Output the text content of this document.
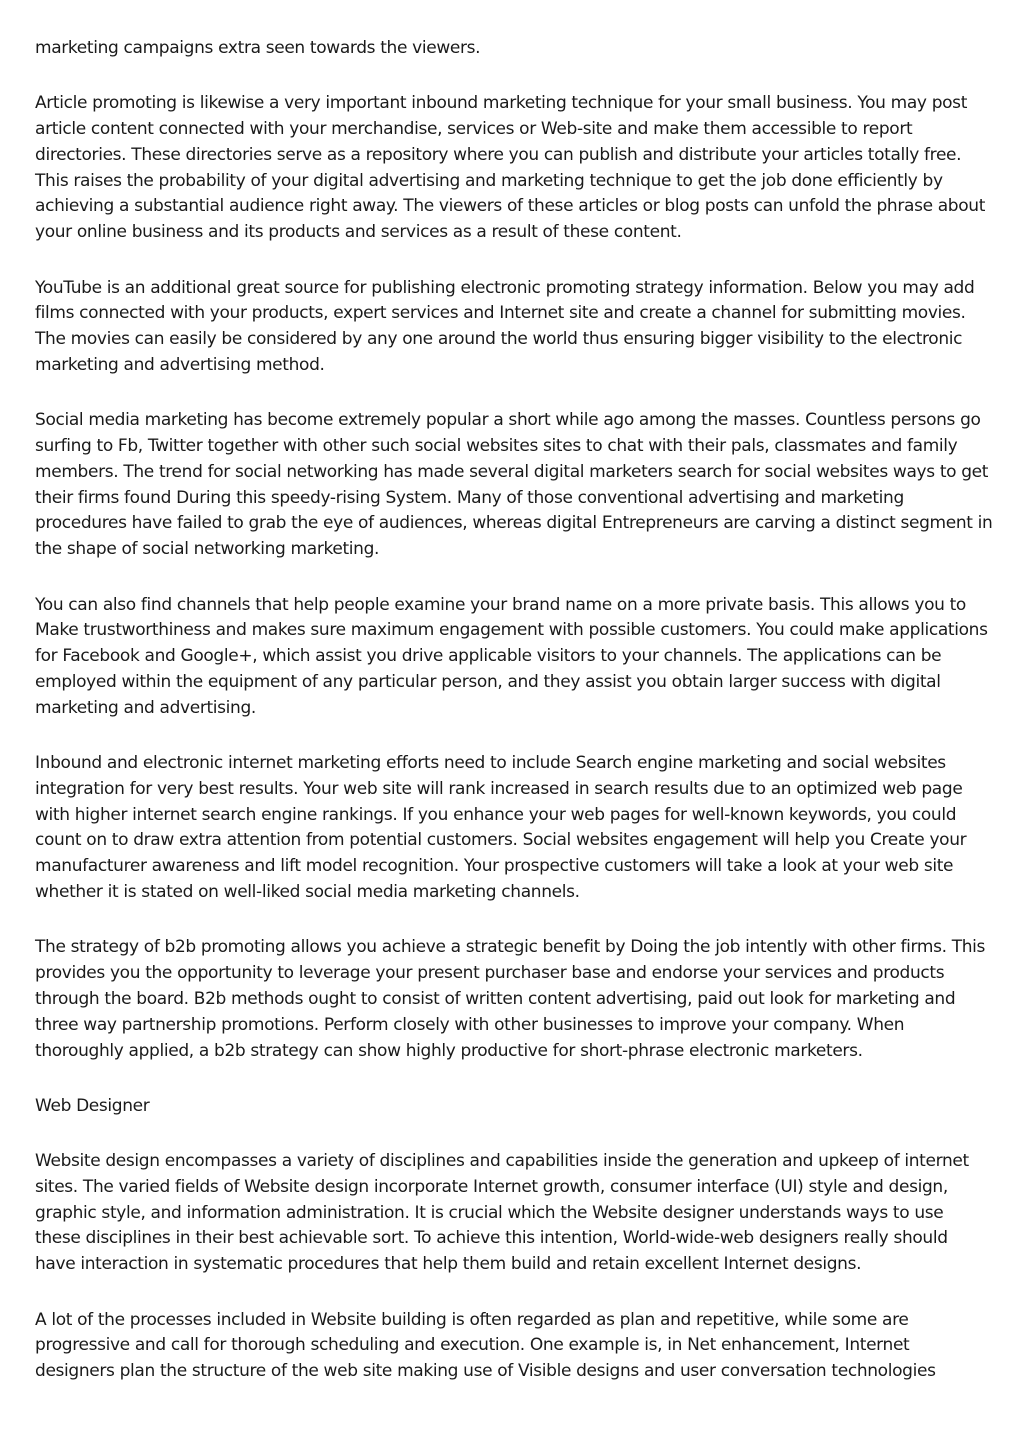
marketing campaigns extra seen towards the viewers.

Article promoting is likewise a very important inbound marketing technique for your small business. You may post article content connected with your merchandise, services or Web-site and make them accessible to report directories. These directories serve as a repository where you can publish and distribute your articles totally free. This raises the probability of your digital advertising and marketing technique to get the job done efficiently by achieving a substantial audience right away. The viewers of these articles or blog posts can unfold the phrase about your online business and its products and services as a result of these content.

YouTube is an additional great source for publishing electronic promoting strategy information. Below you may add films connected with your products, expert services and Internet site and create a channel for submitting movies. The movies can easily be considered by any one around the world thus ensuring bigger visibility to the electronic marketing and advertising method.

Social media marketing has become extremely popular a short while ago among the masses. Countless persons go surfing to Fb, Twitter together with other such social websites sites to chat with their pals, classmates and family members. The trend for social networking has made several digital marketers search for social websites ways to get their firms found During this speedy-rising System. Many of those conventional advertising and marketing procedures have failed to grab the eye of audiences, whereas digital Entrepreneurs are carving a distinct segment in the shape of social networking marketing.

You can also find channels that help people examine your brand name on a more private basis. This allows you to Make trustworthiness and makes sure maximum engagement with possible customers. You could make applications for Facebook and Google+, which assist you drive applicable visitors to your channels. The applications can be employed within the equipment of any particular person, and they assist you obtain larger success with digital marketing and advertising.

Inbound and electronic internet marketing efforts need to include Search engine marketing and social websites integration for very best results. Your web site will rank increased in search results due to an optimized web page with higher internet search engine rankings. If you enhance your web pages for well-known keywords, you could count on to draw extra attention from potential customers. Social websites engagement will help you Create your manufacturer awareness and lift model recognition. Your prospective customers will take a look at your web site whether it is stated on well-liked social media marketing channels.

The strategy of b2b promoting allows you achieve a strategic benefit by Doing the job intently with other firms. This provides you the opportunity to leverage your present purchaser base and endorse your services and products through the board. B2b methods ought to consist of written content advertising, paid out look for marketing and three way partnership promotions. Perform closely with other businesses to improve your company. When thoroughly applied, a b2b strategy can show highly productive for short-phrase electronic marketers.

Web Designer

Website design encompasses a variety of disciplines and capabilities inside the generation and upkeep of internet sites. The varied fields of Website design incorporate Internet growth, consumer interface (UI) style and design, graphic style, and information administration. It is crucial which the Website designer understands ways to use these disciplines in their best achievable sort. To achieve this intention, World-wide-web designers really should have interaction in systematic procedures that help them build and retain excellent Internet designs.

A lot of the processes included in Website building is often regarded as plan and repetitive, while some are progressive and call for thorough scheduling and execution. One example is, in Net enhancement, Internet designers plan the structure of the web site making use of Visible designs and user conversation technologies
